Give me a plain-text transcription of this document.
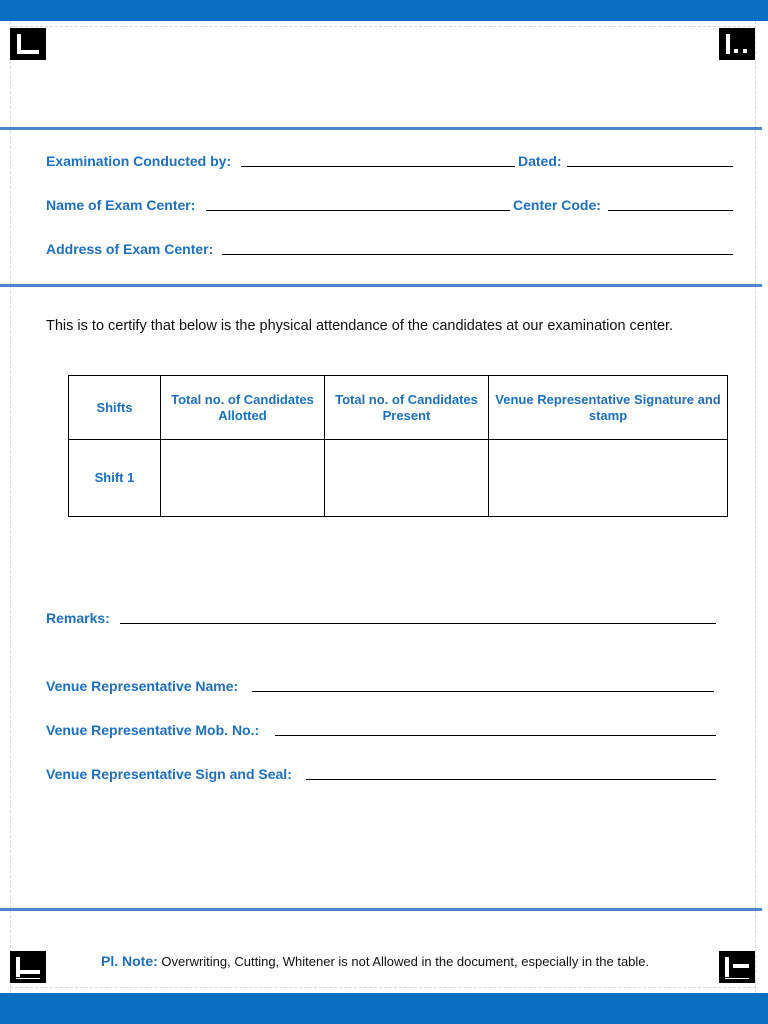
Examination Conducted by:	Dated:
Name of Exam Center:	Center Code:
Address of Exam Center:
This is to certify that below is the physical attendance of the candidates at our examination center.
Shifts	Total no. of Candidates Allotted	Total no. of Candidates Present	Venue Representative Signature and stamp
Shift 1			
Remarks:
Venue Representative Name:
Venue Representative Mob. No.:
Venue Representative Sign and Seal:
Pl. Note: Overwriting, Cutting, Whitener is not Allowed in the document, especially in the table.
